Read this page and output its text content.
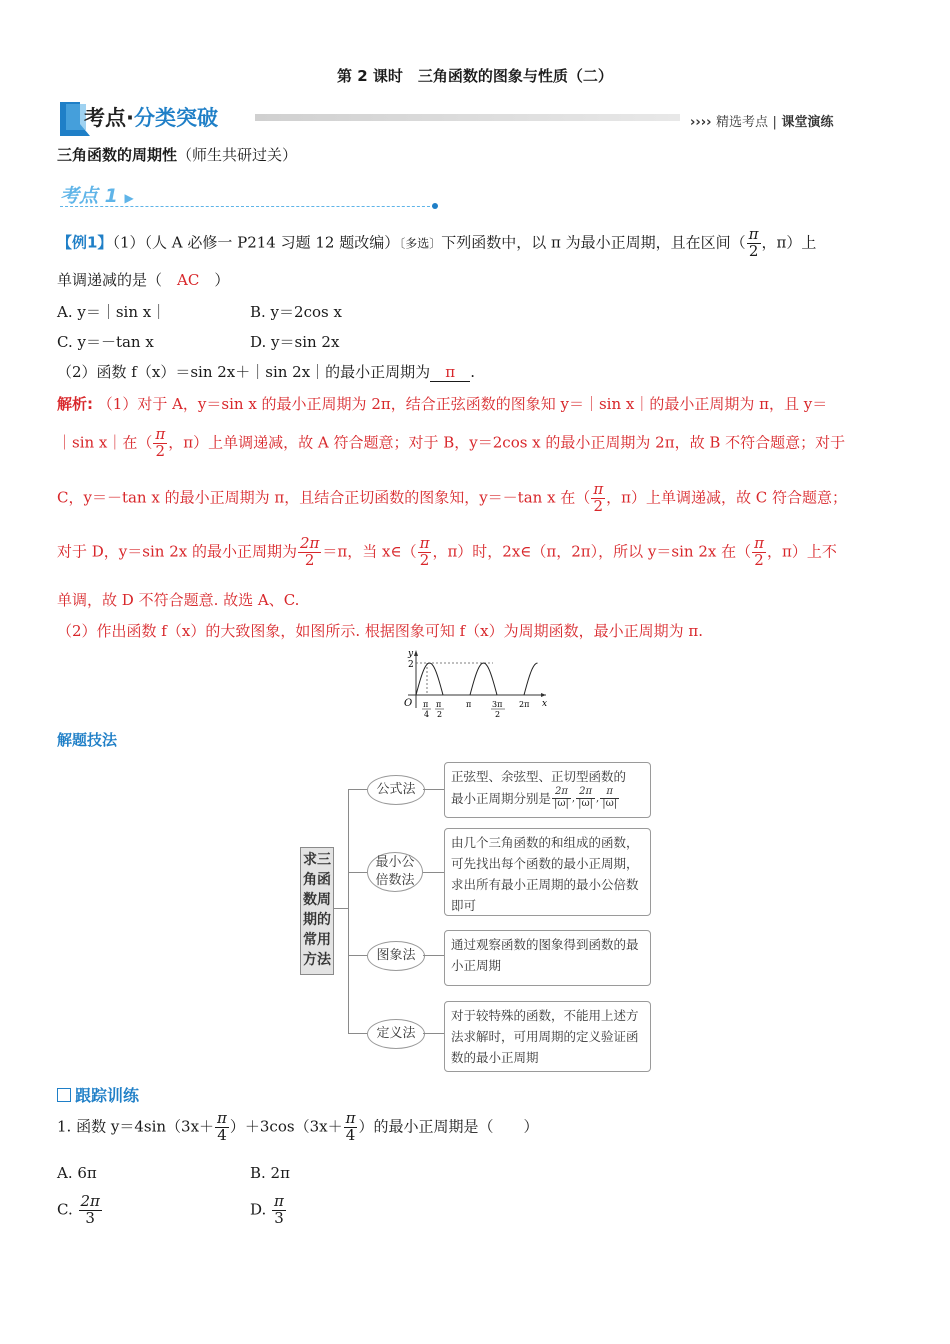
第 2 课时　三角函数的图象与性质（二）
考点·分类突破	›››› 精选考点 | 课堂演练
三角函数的周期性（师生共研过关）
考点 1 ▶
【例1】（1）（人 A 必修一 P214 习题 12 题改编）〔多选〕下列函数中，以 π 为最小正周期，且在区间（ $\frac{\pi}{2}$ ，π）上
单调递减的是（　AC　）
A. y＝｜sin x｜	B. y＝2cos x
C. y＝－tan x	D. y＝sin 2x
（2）函数 f（x）＝sin 2x＋｜sin 2x｜的最小正周期为 π .
解析: （1）对于 A，y＝sin x 的最小正周期为 2π，结合正弦函数的图象知 y＝｜sin x｜的最小正周期为 π，且 y＝
｜sin x｜在（ $\frac{\pi}{2}$ ，π）上单调递减，故 A 符合题意；对于 B，y＝2cos x 的最小正周期为 2π，故 B 不符合题意；对于
C，y＝－tan x 的最小正周期为 π，且结合正切函数的图象知，y＝－tan x 在（ $\frac{\pi}{2}$ ，π）上单调递减，故 C 符合题意；
对于 D，y＝sin 2x 的最小正周期为 $\frac{2\pi}{2} =\pi$，当 x∈（ $\frac{\pi}{2}$ ，π）时，2x∈（π，2π），所以 y＝sin 2x 在（ $\frac{\pi}{2}$ ，π）上不
单调，故 D 不符合题意. 故选 A、C.
（2）作出函数 f（x）的大致图象，如图所示. 根据图象可知 f（x）为周期函数，最小正周期为 π.
y
2
O	x
π
4
π
2
π	3π
2
2π
解题技法
求三角函数周期的常用方法
公式法
最小公倍数法
图象法
定义法
正弦型、余弦型、正切型函数的
最小正周期分别是 $\frac{2\pi}{|\omega|}$ , $\frac{2\pi}{|\omega|}$ , $\frac{\pi}{|\omega|}$
由几个三角函数的和组成的函数，可先找出每个函数的最小正周期，求出所有最小正周期的最小公倍数即可
通过观察函数的图象得到函数的最小正周期
对于较特殊的函数，不能用上述方法求解时，可用周期的定义验证函数的最小正周期
跟踪训练
1. 函数 $y=4\sin(3x+ \frac{\pi}{4} )+3\cos(3x+ \frac{\pi}{4}$ ）的最小正周期是（　　）
A. 6π	B. 2π
C. $\frac{2\pi}{3}$	D. $\frac{\pi}{3}$
